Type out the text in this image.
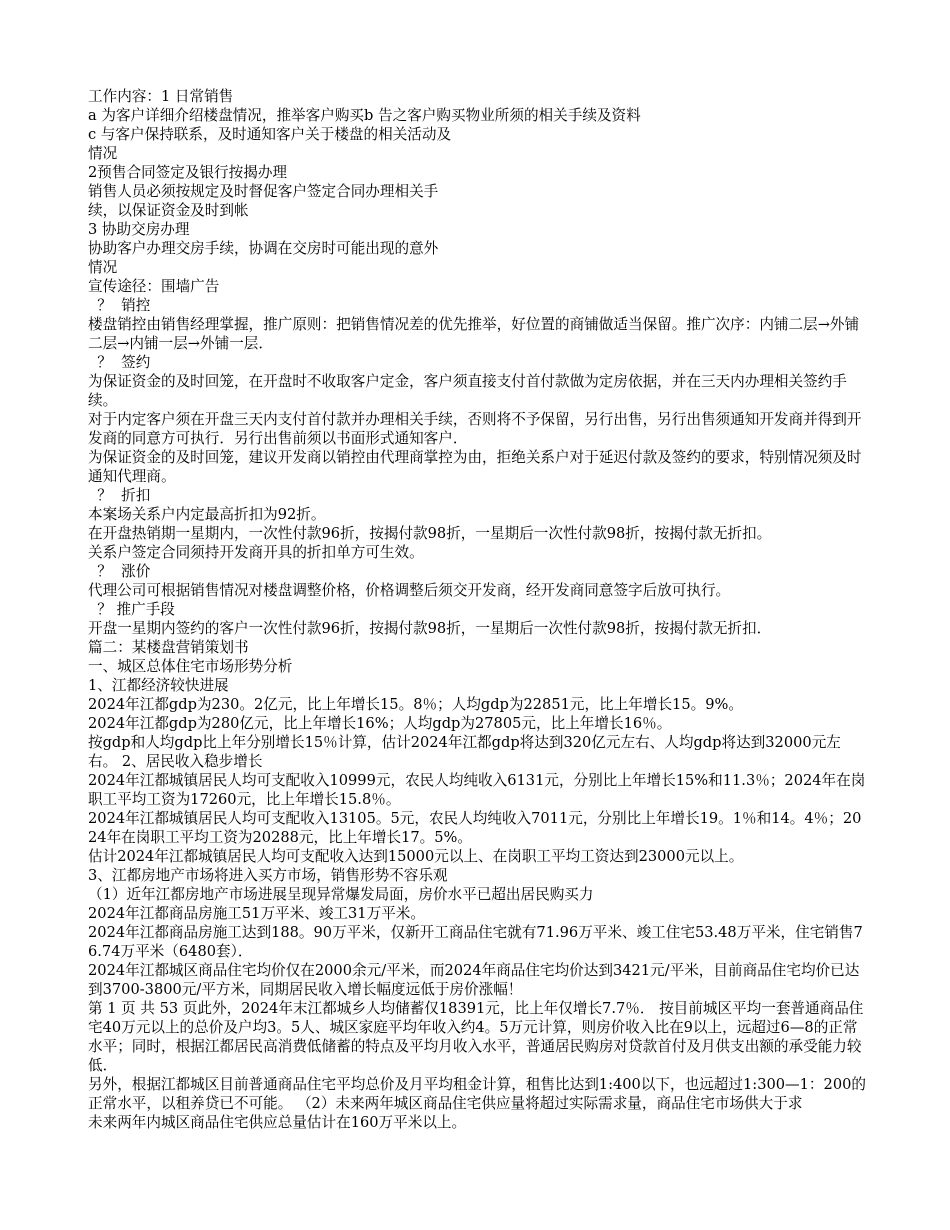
工作内容：1 日常销售

a 为客户详细介绍楼盘情况，推举客户购买b 告之客户购买物业所须的相关手续及资料

c 与客户保持联系，及时通知客户关于楼盘的相关活动及

情况

2预售合同签定及银行按揭办理

销售人员必须按规定及时督促客户签定合同办理相关手

续，以保证资金及时到帐

3 协助交房办理

协助客户办理交房手续，协调在交房时可能出现的意外

情况

宣传途径：围墙广告

？  销控

楼盘销控由销售经理掌握，推广原则：把销售情况差的优先推举，好位置的商铺做适当保留。推广次序：内铺二层→外铺二层→内铺一层→外铺一层．

？  签约

为保证资金的及时回笼，在开盘时不收取客户定金，客户须直接支付首付款做为定房依据，并在三天内办理相关签约手续。

对于内定客户须在开盘三天内支付首付款并办理相关手续，否则将不予保留，另行出售，另行出售须通知开发商并得到开发商的同意方可执行．另行出售前须以书面形式通知客户．

为保证资金的及时回笼，建议开发商以销控由代理商掌控为由，拒绝关系户对于延迟付款及签约的要求，特别情况须及时通知代理商。

？  折扣

本案场关系户内定最高折扣为92折。

在开盘热销期一星期内，一次性付款96折，按揭付款98折，一星期后一次性付款98折，按揭付款无折扣。

关系户签定合同须持开发商开具的折扣单方可生效。

？  涨价

代理公司可根据销售情况对楼盘调整价格，价格调整后须交开发商，经开发商同意签字后放可执行。

？ 推广手段

开盘一星期内签约的客户一次性付款96折，按揭付款98折，一星期后一次性付款98折，按揭付款无折扣．

篇二：某楼盘营销策划书

一、城区总体住宅市场形势分析

1、江都经济较快进展

2024年江都gdp为230。2亿元，比上年增长15。8％；人均gdp为22851元，比上年增长15。9%。

2024年江都gdp为280亿元，比上年增长16%；人均gdp为27805元，比上年增长16％。

按gdp和人均gdp比上年分别增长15％计算，估计2024年江都gdp将达到320亿元左右、人均gdp将达到32000元左右。 2、居民收入稳步增长

2024年江都城镇居民人均可支配收入10999元，农民人均纯收入6131元，分别比上年增长15%和11.3％；2024年在岗职工平均工资为17260元，比上年增长15.8％。

2024年江都城镇居民人均可支配收入13105。5元，农民人均纯收入7011元，分别比上年增长19。1％和14。4％；2024年在岗职工平均工资为20288元，比上年增长17。5%。

估计2024年江都城镇居民人均可支配收入达到15000元以上、在岗职工平均工资达到23000元以上。

3、江都房地产市场将进入买方市场，销售形势不容乐观

（1）近年江都房地产市场进展呈现异常爆发局面，房价水平已超出居民购买力

2024年江都商品房施工51万平米、竣工31万平米。

2024年江都商品房施工达到188。90万平米，仅新开工商品住宅就有71.96万平米、竣工住宅53.48万平米，住宅销售76.74万平米（6480套）．

2024年江都城区商品住宅均价仅在2000余元/平米，而2024年商品住宅均价达到3421元/平米，目前商品住宅均价已达到3700-3800元/平方米，同期居民收入增长幅度远低于房价涨幅！

第 1 页 共 53 页此外，2024年末江都城乡人均储蓄仅18391元，比上年仅增长7.7％． 按目前城区平均一套普通商品住宅40万元以上的总价及户均3。5人、城区家庭平均年收入约4。5万元计算，则房价收入比在9以上，远超过6—8的正常水平；同时，根据江都居民高消费低储蓄的特点及平均月收入水平，普通居民购房对贷款首付及月供支出额的承受能力较低．

另外，根据江都城区目前普通商品住宅平均总价及月平均租金计算，租售比达到1:400以下，也远超过1:300—1：200的正常水平，以租养贷已不可能。 （2）未来两年城区商品住宅供应量将超过实际需求量，商品住宅市场供大于求

未来两年内城区商品住宅供应总量估计在160万平米以上。
